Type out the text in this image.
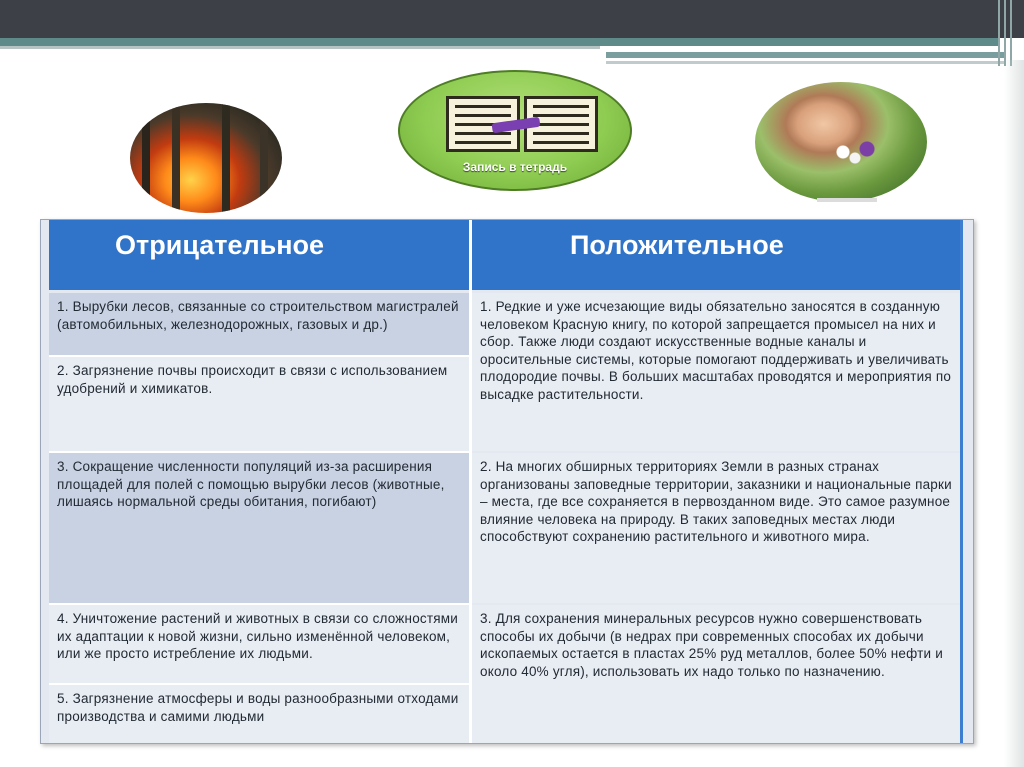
Запись в тетрадь
Отрицательное	Положительное
1. Вырубки лесов, связанные со строительством магистралей (автомобильных, железнодорожных, газовых и др.)
2. Загрязнение почвы происходит в связи с использованием удобрений и химикатов.
3. Сокращение численности популяций из-за расширения площадей для полей с помощью вырубки лесов (животные, лишаясь нормальной среды обитания, погибают)
4. Уничтожение растений и животных в связи со сложностями их адаптации к новой жизни, сильно изменённой человеком, или же просто истребление их людьми.
5. Загрязнение атмосферы и воды разнообразными отходами производства и самими людьми
1. Редкие и уже исчезающие виды обязательно заносятся в созданную человеком Красную книгу, по которой запрещается промысел на них и сбор. Также люди создают искусственные водные каналы и оросительные системы, которые помогают поддерживать и увеличивать плодородие почвы. В больших масштабах проводятся и мероприятия по высадке растительности.
2. На многих обширных территориях Земли в разных странах организованы заповедные территории, заказники и национальные парки – места, где все сохраняется в первозданном виде. Это самое разумное влияние человека на природу. В таких заповедных местах люди способствуют сохранению растительного и животного мира.
3. Для сохранения минеральных ресурсов нужно совершенствовать способы их добычи (в недрах при современных способах их добычи ископаемых остается в пластах 25% руд металлов, более 50% нефти и около 40% угля), использовать их надо только по назначению.
